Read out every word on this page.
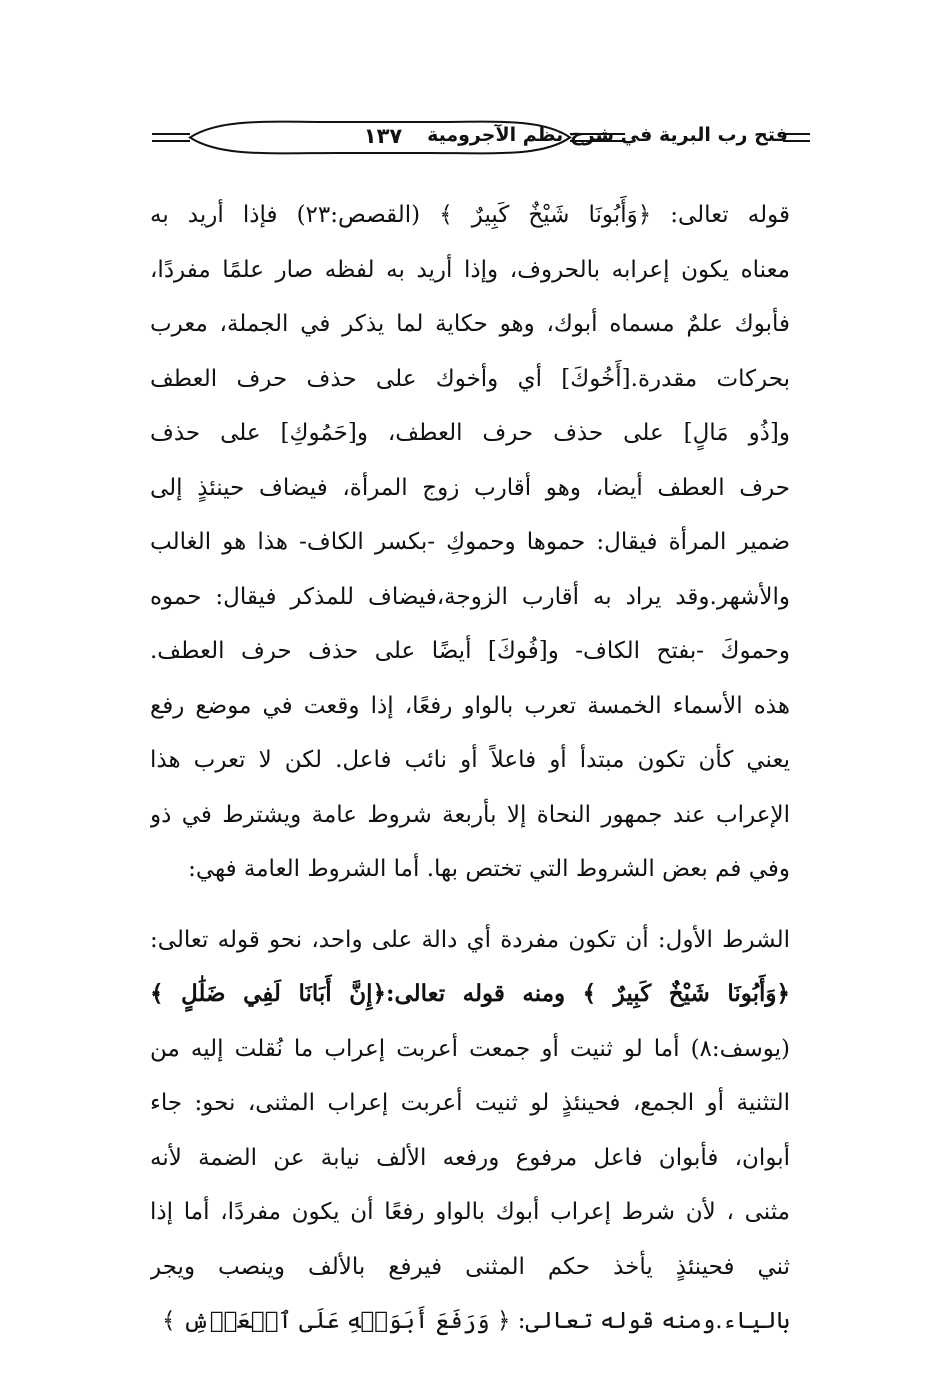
١٣٧	فتح رب البرية في شرح نظم الآجرومية

قوله تعالى: ﴿وَأَبُونَا شَيْخٌ كَبِيرٌ ﴾ (القصص:٢٣) فإذا أريد به

معناه يكون إعرابه بالحروف، وإذا أريد به لفظه صار علمًا مفردًا،

فأبوك علمٌ مسماه أبوك، وهو حكاية لما يذكر في الجملة، معرب

بحركات مقدرة.[أَخُوكَ] أي وأخوك على حذف حرف العطف

و[ذُو مَالٍ] على حذف حرف العطف، و[حَمُوكِ] على حذف

حرف العطف أيضا، وهو أقارب زوج المرأة، فيضاف حينئذٍ إلى

ضمير المرأة فيقال: حموها وحموكِ -بكسر الكاف- هذا هو الغالب

والأشهر.وقد يراد به أقارب الزوجة،فيضاف للمذكر فيقال: حموه

وحموكَ -بفتح الكاف- و[فُوكَ] أيضًا على حذف حرف العطف.

هذه الأسماء الخمسة تعرب بالواو رفعًا، إذا وقعت في موضع رفع

يعني كأن تكون مبتدأ أو فاعلاً أو نائب فاعل. لكن لا تعرب هذا

الإعراب عند جمهور النحاة إلا بأربعة شروط عامة ويشترط في ذو

وفي فم بعض الشروط التي تختص بها. أما الشروط العامة فهي:

الشرط الأول: أن تكون مفردة أي دالة على واحد، نحو قوله تعالى:

﴿وَأَبُونَا شَيْخٌ كَبِيرٌ ﴾ ومنه قوله تعالى:﴿إِنَّ أَبَانَا لَفِي ضَلَٰلٍ ﴾

(يوسف:٨) أما لو ثنيت أو جمعت أعربت إعراب ما نُقلت إليه من

التثنية أو الجمع، فحينئذٍ لو ثنيت أعربت إعراب المثنى، نحو: جاء

أبوان، فأبوان فاعل مرفوع ورفعه الألف نيابة عن الضمة لأنه

مثنى ، لأن شرط إعراب أبوك بالواو رفعًا أن يكون مفردًا، أما إذا

ثني فحينئذٍ يأخذ حكم المثنى فيرفع بالألف وينصب ويجر

بالياء.ومنه قوله تعالى: ﴿ وَرَفَعَ أَبَوَيۡهِ عَلَى ٱلۡعَرۡشِ ﴾
